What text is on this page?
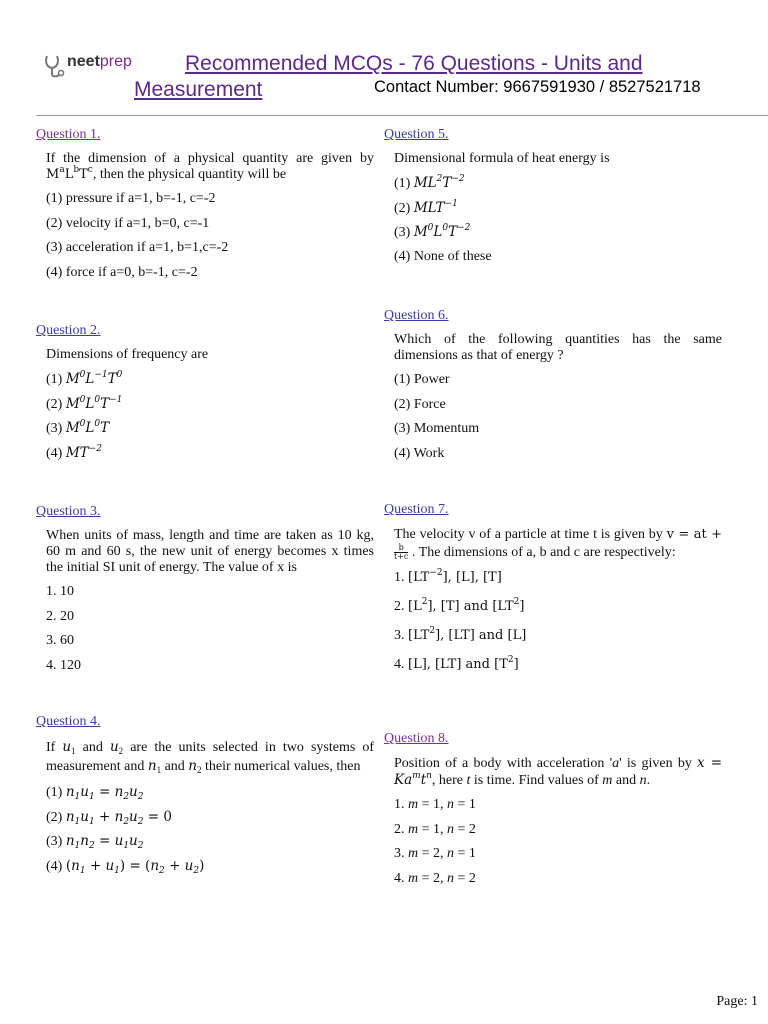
neetprep	Recommended MCQs - 76 Questions - Units and
Measurement	Contact Number: 9667591930 / 8527521718
Question 1.

If the dimension of a physical quantity are given by $M^aL^bT^c$, then the physical quantity will be

(1) pressure if a=1, b=-1, c=-2

(2) velocity if a=1, b=0, c=-1

(3) acceleration if a=1, b=1,c=-2

(4) force if a=0, b=-1, c=-2

Question 2.

Dimensions of frequency are

(1) $M^0L^{-1}T^0$

(2) $M^0L^0T^{-1}$

(3) $M^0L^0T$

(4) $MT^{-2}$

Question 3.

When units of mass, length and time are taken as 10 kg, 60 m and 60 s, the new unit of energy becomes x times the initial SI unit of energy. The value of x is

1. 10

2. 20

3. 60

4. 120

Question 4.

If $u_1$ and $u_2$ are the units selected in two systems of measurement and $n_1$ and $n_2$ their numerical values, then

(1) $n_1u_1 = n_2u_2$

(2) $n_1u_1 + n_2u_2 = 0$

(3) $n_1n_2 = u_1u_2$

(4) $(n_1 + u_1) = (n_2 + u_2)$

Question 5.

Dimensional formula of heat energy is

(1) $ML^2T^{-2}$

(2) $MLT^{-1}$

(3) $M^0L^0T^{-2}$

(4) None of these

Question 6.

Which of the following quantities has the same dimensions as that of energy ?

(1) Power

(2) Force

(3) Momentum

(4) Work

Question 7.

The velocity v of a particle at time t is given by v = at +
$\frac{b}{t+c}$ . The dimensions of a, b and c are respectively:

1. $[LT^{-2}]$, [L], [T]

2. $[L^2]$, [T] and $[LT^2]$

3. $[LT^2]$, [LT] and [L]

4. [L], [LT] and $[T^2]$

Question 8.

Position of a body with acceleration 'a' is given by $x = Ka^mt^n$, here t is time. Find values of m and n.

1. m = 1, n = 1

2. m = 1, n = 2

3. m = 2, n = 1

4. m = 2, n = 2

Page: 1
